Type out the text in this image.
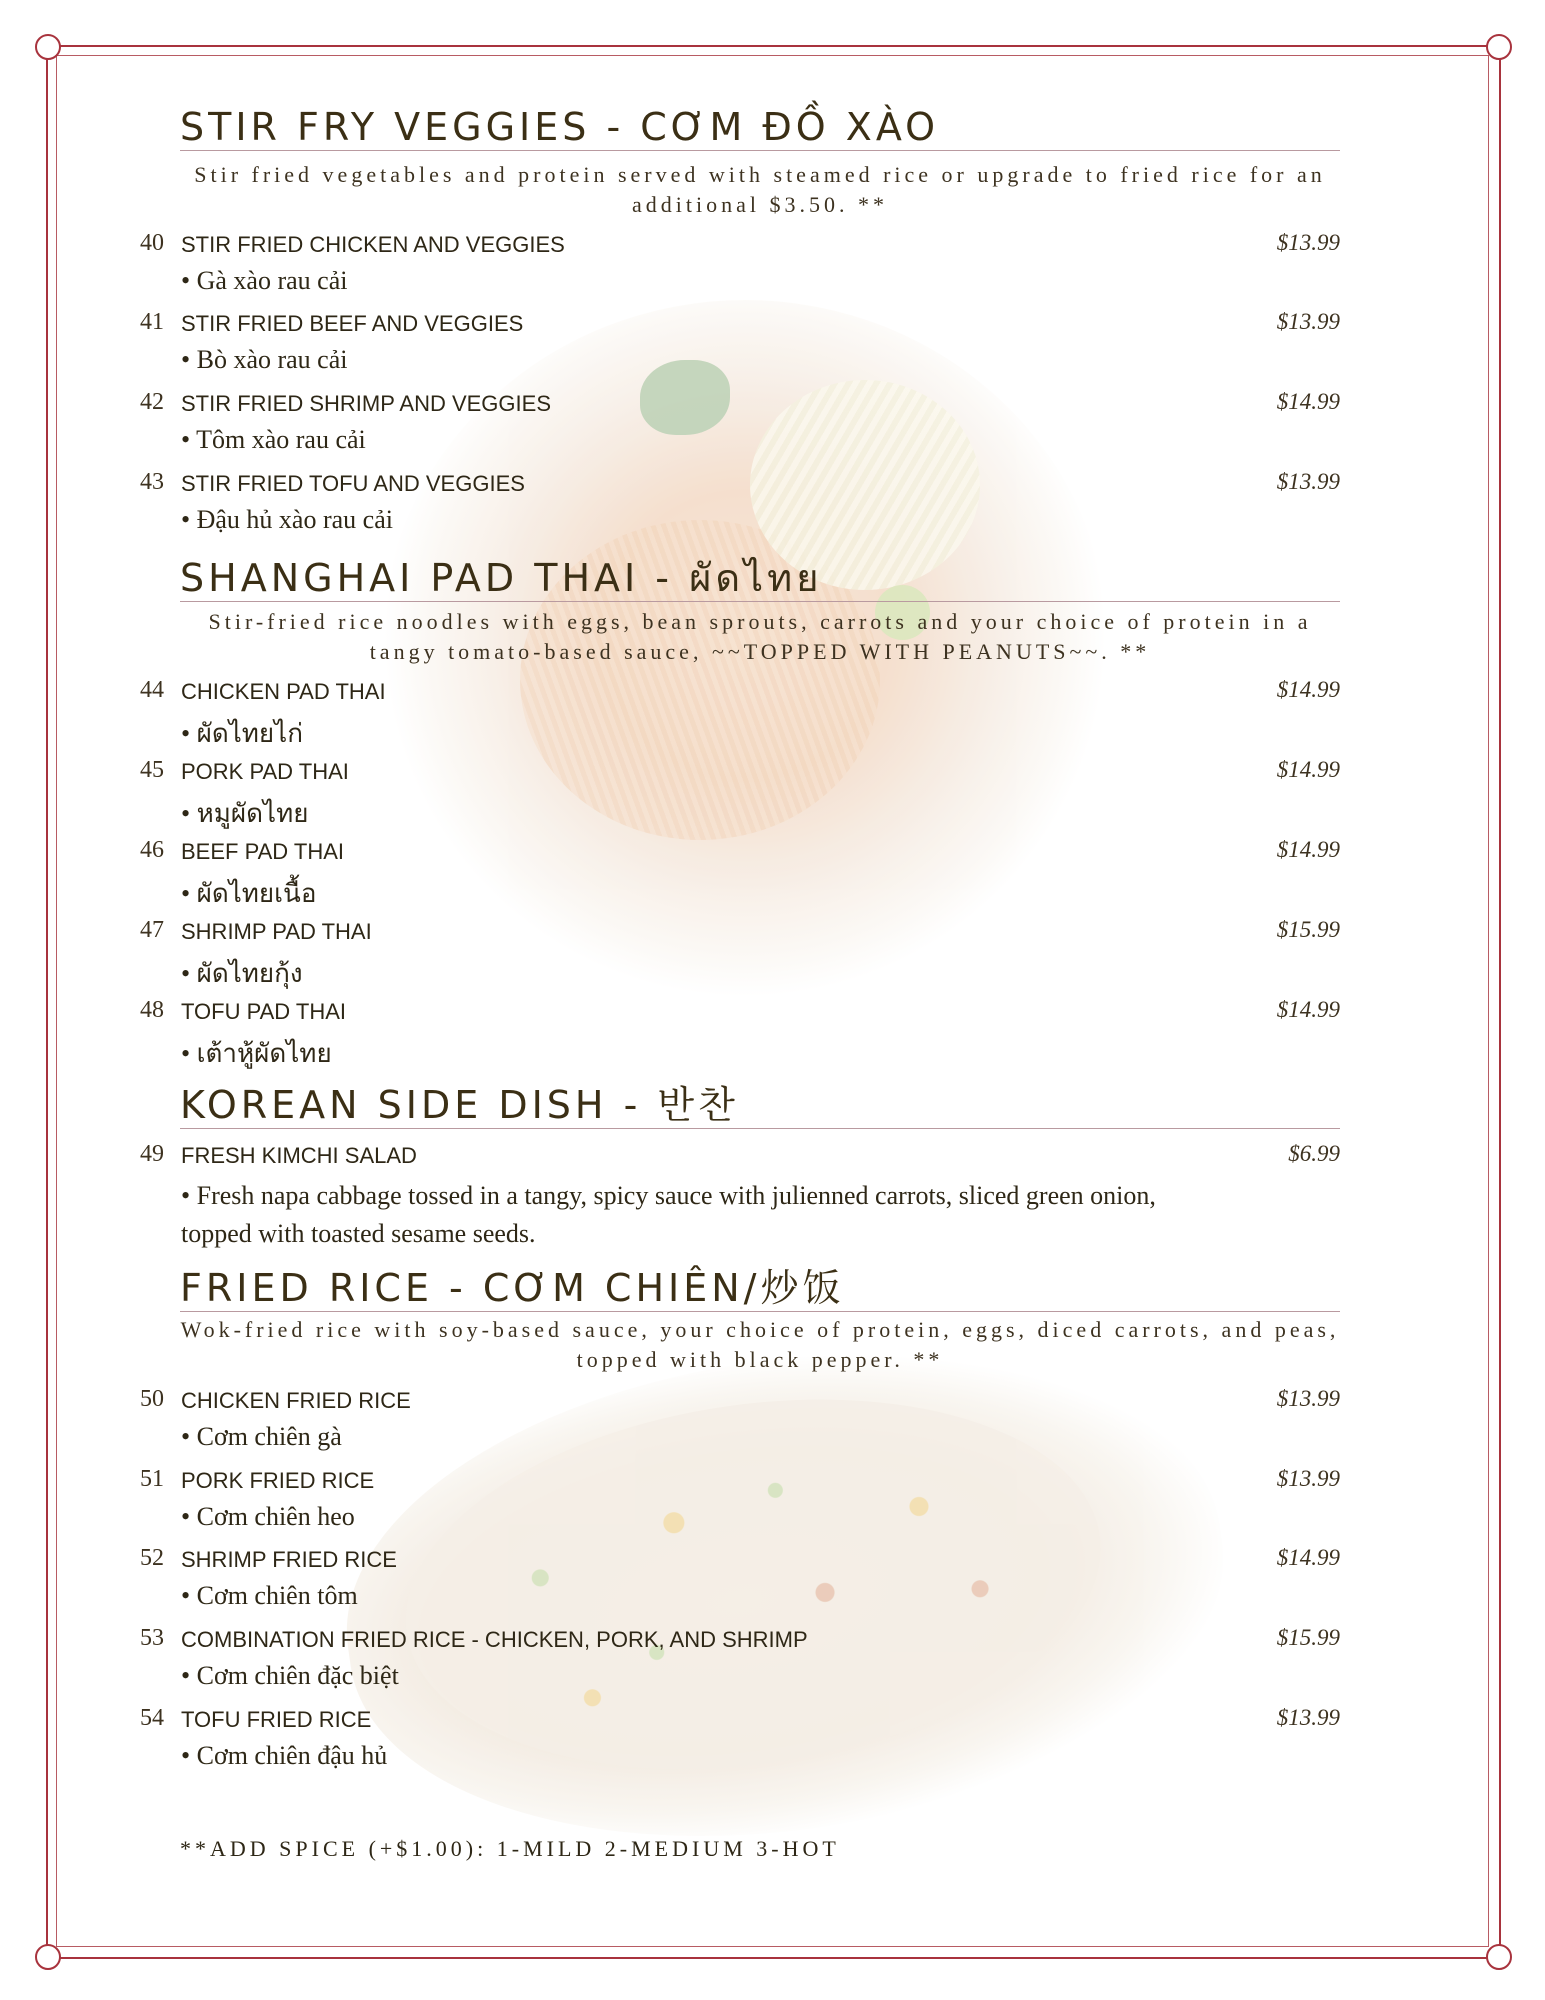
STIR FRY VEGGIES - CƠM ĐỒ XÀO
Stir fried vegetables and protein served with steamed rice or upgrade to fried rice for an additional $3.50. **
40 STIR FRIED CHICKEN AND VEGGIES	$13.99
• Gà xào rau cải
41 STIR FRIED BEEF AND VEGGIES	$13.99
• Bò xào rau cải
42 STIR FRIED SHRIMP AND VEGGIES	$14.99
• Tôm xào rau cải
43 STIR FRIED TOFU AND VEGGIES	$13.99
• Đậu hủ xào rau cải
SHANGHAI PAD THAI - ผัดไทย
Stir-fried rice noodles with eggs, bean sprouts, carrots and your choice of protein in a tangy tomato-based sauce, ~~TOPPED WITH PEANUTS~~. **
44 CHICKEN PAD THAI	$14.99
• ผัดไทยไก่
45 PORK PAD THAI	$14.99
• หมูผัดไทย
46 BEEF PAD THAI	$14.99
• ผัดไทยเนื้อ
47 SHRIMP PAD THAI	$15.99
• ผัดไทยกุ้ง
48 TOFU PAD THAI	$14.99
• เต้าหู้ผัดไทย
KOREAN SIDE DISH - 반찬
49 FRESH KIMCHI SALAD	$6.99
• Fresh napa cabbage tossed in a tangy, spicy sauce with julienned carrots, sliced green onion, topped with toasted sesame seeds.
FRIED RICE - CƠM CHIÊN/炒饭
Wok-fried rice with soy-based sauce, your choice of protein, eggs, diced carrots, and peas, topped with black pepper. **
50 CHICKEN FRIED RICE	$13.99
• Cơm chiên gà
51 PORK FRIED RICE	$13.99
• Cơm chiên heo
52 SHRIMP FRIED RICE	$14.99
• Cơm chiên tôm
53 COMBINATION FRIED RICE - CHICKEN, PORK, AND SHRIMP	$15.99
• Cơm chiên đặc biệt
54 TOFU FRIED RICE	$13.99
• Cơm chiên đậu hủ
**ADD SPICE (+$1.00): 1-MILD 2-MEDIUM 3-HOT
